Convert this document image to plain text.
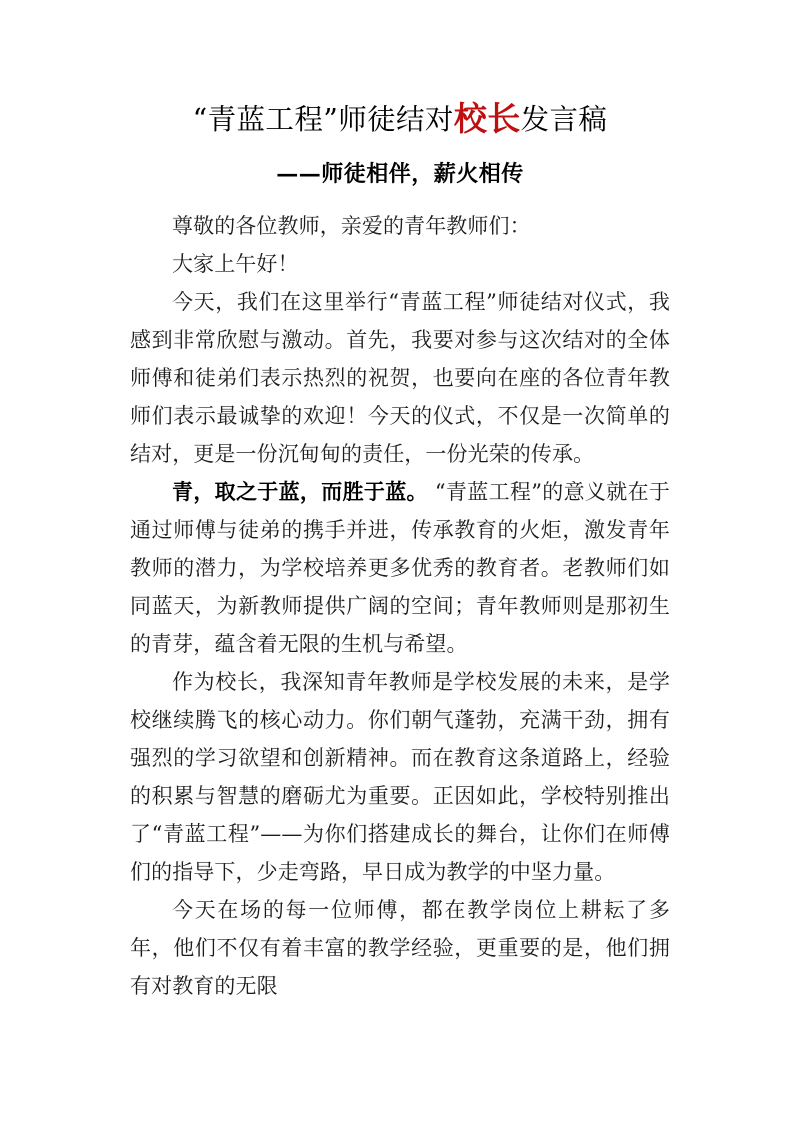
“青蓝工程”师徒结对校长发言稿
——师徒相伴，薪火相传

尊敬的各位教师，亲爱的青年教师们：

大家上午好！

今天，我们在这里举行“青蓝工程”师徒结对仪式，我感到非常欣慰与激动。首先，我要对参与这次结对的全体师傅和徒弟们表示热烈的祝贺，也要向在座的各位青年教师们表示最诚挚的欢迎！今天的仪式，不仅是一次简单的结对，更是一份沉甸甸的责任，一份光荣的传承。

青，取之于蓝，而胜于蓝。 “青蓝工程”的意义就在于通过师傅与徒弟的携手并进，传承教育的火炬，激发青年教师的潜力，为学校培养更多优秀的教育者。老教师们如同蓝天，为新教师提供广阔的空间；青年教师则是那初生的青芽，蕴含着无限的生机与希望。

作为校长，我深知青年教师是学校发展的未来，是学校继续腾飞的核心动力。你们朝气蓬勃，充满干劲，拥有强烈的学习欲望和创新精神。而在教育这条道路上，经验的积累与智慧的磨砺尤为重要。正因如此，学校特别推出了“青蓝工程”——为你们搭建成长的舞台，让你们在师傅们的指导下，少走弯路，早日成为教学的中坚力量。

今天在场的每一位师傅，都在教学岗位上耕耘了多年，他们不仅有着丰富的教学经验，更重要的是，他们拥有对教育的无限
